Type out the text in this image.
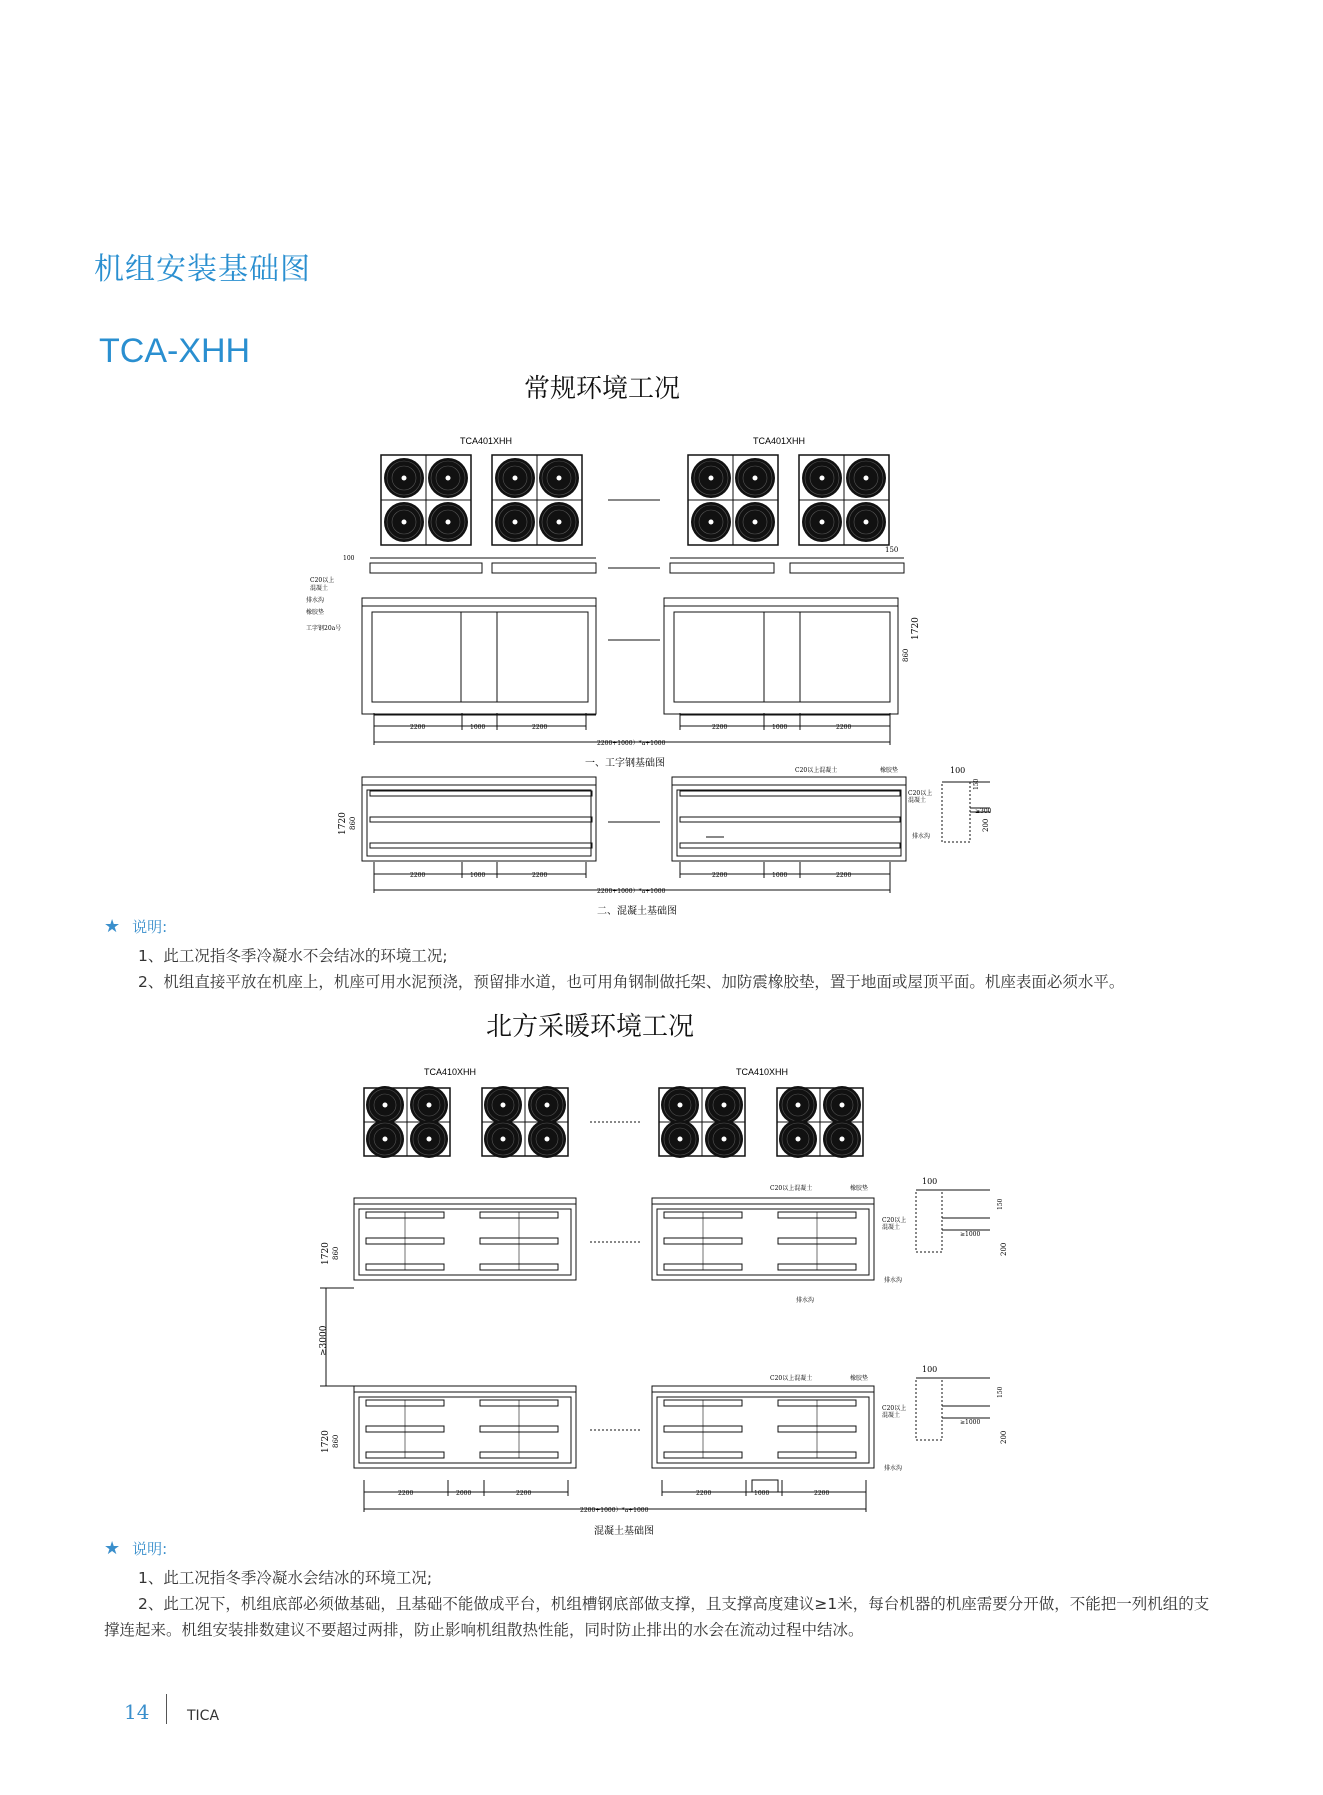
机组安装基础图
TCA-XHH
常规环境工况
TCA401XHH	TCA401XHH
100
150
C20以上
混凝土
排水沟
橡胶垫
工字钢20a号	1720
860
2200	1000	2200	2200	1000	2200
2200+1000）*a+1000
一、工字钢基础图
1720 860
C20以上混凝土	橡胶垫	100
150
C20以上
混凝土
≥300
200
排水沟
2200	1000	2200	2200	1000	2200
2200+1000）*a+1000
二、混凝土基础图
★ 说明:
1、此工况指冬季冷凝水不会结冰的环境工况;
2、机组直接平放在机座上，机座可用水泥预浇，预留排水道，也可用角钢制做托架、加防震橡胶垫，置于地面或屋顶平面。机座表面必须水平。
北方采暖环境工况
TCA410XHH	TCA410XHH
C20以上混凝土	橡胶垫
排水沟
1720 860
100
150
C20以上
混凝土
≥1000
200
排水沟
≥3000
C20以上混凝土	橡胶垫
1720 860
100
150
C20以上
混凝土
≥1000
200
排水沟
2200	2000	2200	2200	1000	2200
2200+1000）*a+1000
混凝土基础图
★ 说明:
1、此工况指冬季冷凝水会结冰的环境工况;
2、此工况下，机组底部必须做基础，且基础不能做成平台，机组槽钢底部做支撑，且支撑高度建议≥1米，每台机器的机座需要分开做，不能把一列机组的支
撑连起来。机组安装排数建议不要超过两排，防止影响机组散热性能，同时防止排出的水会在流动过程中结冰。
14	TICA
